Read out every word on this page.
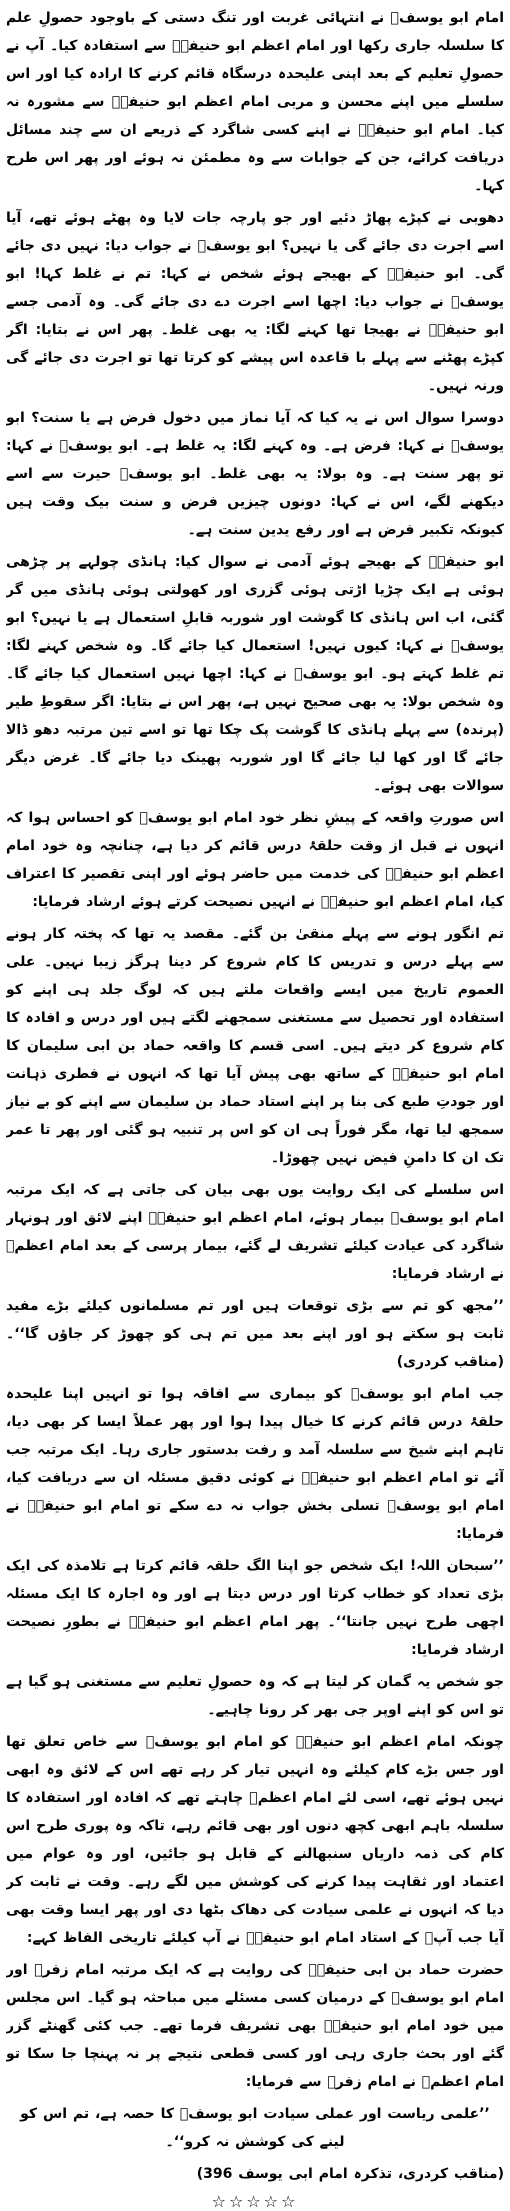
امام ابو یوسفؒ نے انتہائی غربت اور تنگ دستی کے باوجود حصولِ علم کا سلسلہ جاری رکھا اور امام اعظم ابو حنیفہؒ سے استفادہ کیا۔ آپ نے حصولِ تعلیم کے بعد اپنی علیحدہ درسگاہ قائم کرنے کا ارادہ کیا اور اس سلسلے میں اپنے محسن و مربی امام اعظم ابو حنیفہؒ سے مشورہ نہ کیا۔ امام ابو حنیفہؒ نے اپنے کسی شاگرد کے ذریعے ان سے چند مسائل دریافت کرائے، جن کے جوابات سے وہ مطمئن نہ ہوئے اور پھر اس طرح کہا۔

دھوبی نے کپڑے پھاڑ دئیے اور جو پارچہ جات لایا وہ پھٹے ہوئے تھے، آیا اسے اجرت دی جائے گی یا نہیں؟ ابو یوسفؒ نے جواب دیا: نہیں دی جائے گی۔ ابو حنیفہؒ کے بھیجے ہوئے شخص نے کہا: تم نے غلط کہا! ابو یوسفؒ نے جواب دیا: اچھا اسے اجرت دے دی جائے گی۔ وہ آدمی جسے ابو حنیفہؒ نے بھیجا تھا کہنے لگا: یہ بھی غلط۔ پھر اس نے بتایا: اگر کپڑے پھٹنے سے پہلے با قاعدہ اس پیشے کو کرتا تھا تو اجرت دی جائے گی ورنہ نہیں۔

دوسرا سوال اس نے یہ کیا کہ آیا نماز میں دخول فرض ہے یا سنت؟ ابو یوسفؒ نے کہا: فرض ہے۔ وہ کہنے لگا: یہ غلط ہے۔ ابو یوسفؒ نے کہا: تو پھر سنت ہے۔ وہ بولا: یہ بھی غلط۔ ابو یوسفؒ حیرت سے اسے دیکھنے لگے، اس نے کہا: دونوں چیزیں فرض و سنت بیک وقت ہیں کیونکہ تکبیر فرض ہے اور رفع یدین سنت ہے۔

ابو حنیفہؒ کے بھیجے ہوئے آدمی نے سوال کیا: ہانڈی چولہے پر چڑھی ہوئی ہے ایک چڑیا اڑتی ہوئی گزری اور کھولتی ہوئی ہانڈی میں گر گئی، اب اس ہانڈی کا گوشت اور شوربہ قابلِ استعمال ہے یا نہیں؟ ابو یوسفؒ نے کہا: کیوں نہیں! استعمال کیا جائے گا۔ وہ شخص کہنے لگا: تم غلط کہتے ہو۔ ابو یوسفؒ نے کہا: اچھا نہیں استعمال کیا جائے گا۔ وہ شخص بولا: یہ بھی صحیح نہیں ہے، پھر اس نے بتایا: اگر سقوطِ طیر (پرندہ) سے پہلے ہانڈی کا گوشت پک چکا تھا تو اسے تین مرتبہ دھو ڈالا جائے گا اور کھا لیا جائے گا اور شوربہ پھینک دیا جائے گا۔ غرض دیگر سوالات بھی ہوئے۔

اس صورتِ واقعہ کے پیشِ نظر خود امام ابو یوسفؒ کو احساس ہوا کہ انہوں نے قبل از وقت حلقۂ درس قائم کر دیا ہے، چنانچہ وہ خود امام اعظم ابو حنیفہؒ کی خدمت میں حاضر ہوئے اور اپنی تقصیر کا اعتراف کیا، امام اعظم ابو حنیفہؒ نے انہیں نصیحت کرتے ہوئے ارشاد فرمایا:

تم انگور ہونے سے پہلے منقیٰ بن گئے۔ مقصد یہ تھا کہ پختہ کار ہونے سے پہلے درس و تدریس کا کام شروع کر دینا ہرگز زیبا نہیں۔ علی العموم تاریخ میں ایسے واقعات ملتے ہیں کہ لوگ جلد ہی اپنے کو استفادہ اور تحصیل سے مستغنی سمجھنے لگتے ہیں اور درس و افادہ کا کام شروع کر دیتے ہیں۔ اسی قسم کا واقعہ حماد بن ابی سلیمان کا امام ابو حنیفہؒ کے ساتھ بھی پیش آیا تھا کہ انہوں نے فطری ذہانت اور جودتِ طبع کی بنا پر اپنے استاد حماد بن سلیمان سے اپنے کو بے نیاز سمجھ لیا تھا، مگر فوراً ہی ان کو اس پر تنبیہ ہو گئی اور پھر تا عمر تک ان کا دامنِ فیض نہیں چھوڑا۔

اس سلسلے کی ایک روایت یوں بھی بیان کی جاتی ہے کہ ایک مرتبہ امام ابو یوسفؒ بیمار ہوئے، امام اعظم ابو حنیفہؒ اپنے لائق اور ہونہار شاگرد کی عیادت کیلئے تشریف لے گئے، بیمار پرسی کے بعد امام اعظمؒ نے ارشاد فرمایا:

’’مجھ کو تم سے بڑی توقعات ہیں اور تم مسلمانوں کیلئے بڑے مفید ثابت ہو سکتے ہو اور اپنے بعد میں تم ہی کو چھوڑ کر جاؤں گا‘‘۔ (مناقب کردری)

جب امام ابو یوسفؒ کو بیماری سے افاقہ ہوا تو انہیں اپنا علیحدہ حلقۂ درس قائم کرنے کا خیال پیدا ہوا اور پھر عملاً ایسا کر بھی دیا، تاہم اپنے شیخ سے سلسلہ آمد و رفت بدستور جاری رہا۔ ایک مرتبہ جب آئے تو امام اعظم ابو حنیفہؒ نے کوئی دقیق مسئلہ ان سے دریافت کیا، امام ابو یوسفؒ تسلی بخش جواب نہ دے سکے تو امام ابو حنیفہؒ نے فرمایا:

’’سبحان اللہ! ایک شخص جو اپنا الگ حلقہ قائم کرتا ہے تلامذہ کی ایک بڑی تعداد کو خطاب کرتا اور درس دیتا ہے اور وہ اجارہ کا ایک مسئلہ اچھی طرح نہیں جانتا‘‘۔ پھر امام اعظم ابو حنیفہؒ نے بطورِ نصیحت ارشاد فرمایا:

جو شخص یہ گمان کر لیتا ہے کہ وہ حصولِ تعلیم سے مستغنی ہو گیا ہے تو اس کو اپنے اوپر جی بھر کر رونا چاہیے۔

چونکہ امام اعظم ابو حنیفہؒ کو امام ابو یوسفؒ سے خاص تعلق تھا اور جس بڑے کام کیلئے وہ انہیں تیار کر رہے تھے اس کے لائق وہ ابھی نہیں ہوئے تھے، اسی لئے امام اعظمؒ چاہتے تھے کہ افادہ اور استفادہ کا سلسلہ باہم ابھی کچھ دنوں اور بھی قائم رہے، تاکہ وہ پوری طرح اس کام کی ذمہ داریاں سنبھالنے کے قابل ہو جائیں، اور وہ عوام میں اعتماد اور ثقاہت پیدا کرنے کی کوشش میں لگے رہے۔ وقت نے ثابت کر دیا کہ انہوں نے علمی سیادت کی دھاک بٹھا دی اور پھر ایسا وقت بھی آیا جب آپؒ کے استاد امام ابو حنیفہؒ نے آپ کیلئے تاریخی الفاظ کہے:

حضرت حماد بن ابی حنیفہؒ کی روایت ہے کہ ایک مرتبہ امام زفرؒ اور امام ابو یوسفؒ کے درمیان کسی مسئلے میں مباحثہ ہو گیا۔ اس مجلس میں خود امام ابو حنیفہؒ بھی تشریف فرما تھے۔ جب کئی گھنٹے گزر گئے اور بحث جاری رہی اور کسی قطعی نتیجے پر نہ پہنچا جا سکا تو امام اعظمؒ نے امام زفرؒ سے فرمایا:

’’علمی ریاست اور عملی سیادت ابو یوسفؒ کا حصہ ہے، تم اس کو لینے کی کوشش نہ کرو‘‘۔

(مناقب کردری، تذکرہ امام ابی یوسف 396)

☆☆☆☆☆
